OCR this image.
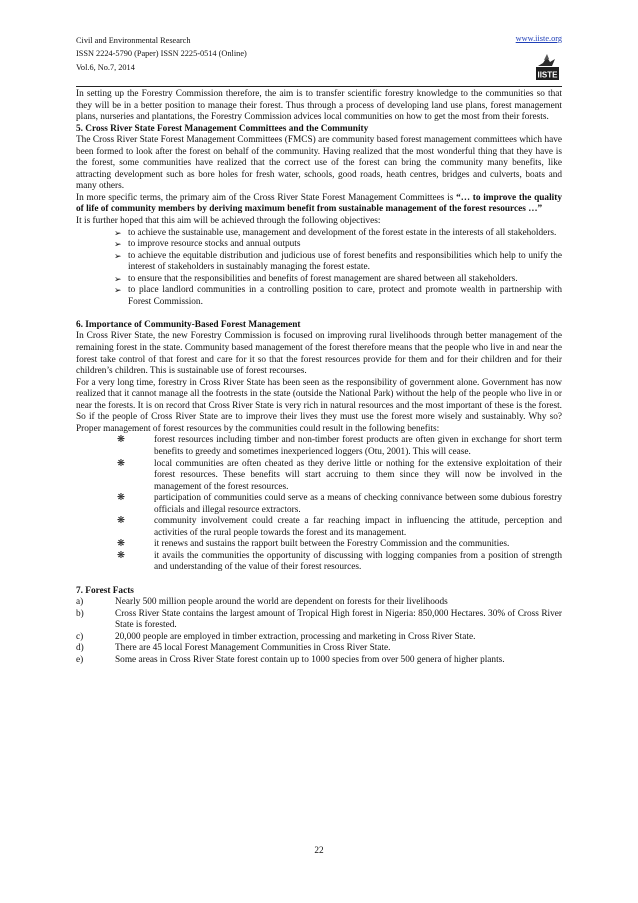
Civil and Environmental Research
ISSN 2224-5790 (Paper) ISSN 2225-0514 (Online)
Vol.6, No.7, 2014
www.iiste.org
IISTE

In setting up the Forestry Commission therefore, the aim is to transfer scientific forestry knowledge to the communities so that they will be in a better position to manage their forest. Thus through a process of developing land use plans, forest management plans, nurseries and plantations, the Forestry Commission advices local communities on how to get the most from their forests.

5. Cross River State Forest Management Committees and the Community

The Cross River State Forest Management Committees (FMCS) are community based forest management committees which have been formed to look after the forest on behalf of the community. Having realized that the most wonderful thing that they have is the forest, some communities have realized that the correct use of the forest can bring the community many benefits, like attracting development such as bore holes for fresh water, schools, good roads, heath centres, bridges and culverts, boats and many others.

In more specific terms, the primary aim of the Cross River State Forest Management Committees is “… to improve the quality of life of community members by deriving maximum benefit from sustainable management of the forest resources …”

It is further hoped that this aim will be achieved through the following objectives:

➢ to achieve the sustainable use, management and development of the forest estate in the interests of all stakeholders.
➢ to improve resource stocks and annual outputs
➢ to achieve the equitable distribution and judicious use of forest benefits and responsibilities which help to unify the interest of stakeholders in sustainably managing the forest estate.
➢ to ensure that the responsibilities and benefits of forest management are shared between all stakeholders.
➢ to place landlord communities in a controlling position to care, protect and promote wealth in partnership with Forest Commission.

6. Importance of Community-Based Forest Management

In Cross River State, the new Forestry Commission is focused on improving rural livelihoods through better management of the remaining forest in the state. Community based management of the forest therefore means that the people who live in and near the forest take control of that forest and care for it so that the forest resources provide for them and for their children and for their children’s children. This is sustainable use of forest recourses.

For a very long time, forestry in Cross River State has been seen as the responsibility of government alone. Government has now realized that it cannot manage all the footrests in the state (outside the National Park) without the help of the people who live in or near the forests. It is on record that Cross River State is very rich in natural resources and the most important of these is the forest. So if the people of Cross River State are to improve their lives they must use the forest more wisely and sustainably. Why so? Proper management of forest resources by the communities could result in the following benefits:

❋	forest resources including timber and non-timber forest products are often given in exchange for short term benefits to greedy and sometimes inexperienced loggers (Otu, 2001). This will cease.
❋	local communities are often cheated as they derive little or nothing for the extensive exploitation of their forest resources. These benefits will start accruing to them since they will now be involved in the management of the forest resources.
❋	participation of communities could serve as a means of checking connivance between some dubious forestry officials and illegal resource extractors.
❋	community involvement could create a far reaching impact in influencing the attitude, perception and activities of the rural people towards the forest and its management.
❋	it renews and sustains the rapport built between the Forestry Commission and the communities.
❋	it avails the communities the opportunity of discussing with logging companies from a position of strength and understanding of the value of their forest resources.

7. Forest Facts

a)	Nearly 500 million people around the world are dependent on forests for their livelihoods
b)	Cross River State contains the largest amount of Tropical High forest in Nigeria: 850,000 Hectares. 30% of Cross River State is forested.
c)	20,000 people are employed in timber extraction, processing and marketing in Cross River State.
d)	There are 45 local Forest Management Communities in Cross River State.
e)	Some areas in Cross River State forest contain up to 1000 species from over 500 genera of higher plants.
22
